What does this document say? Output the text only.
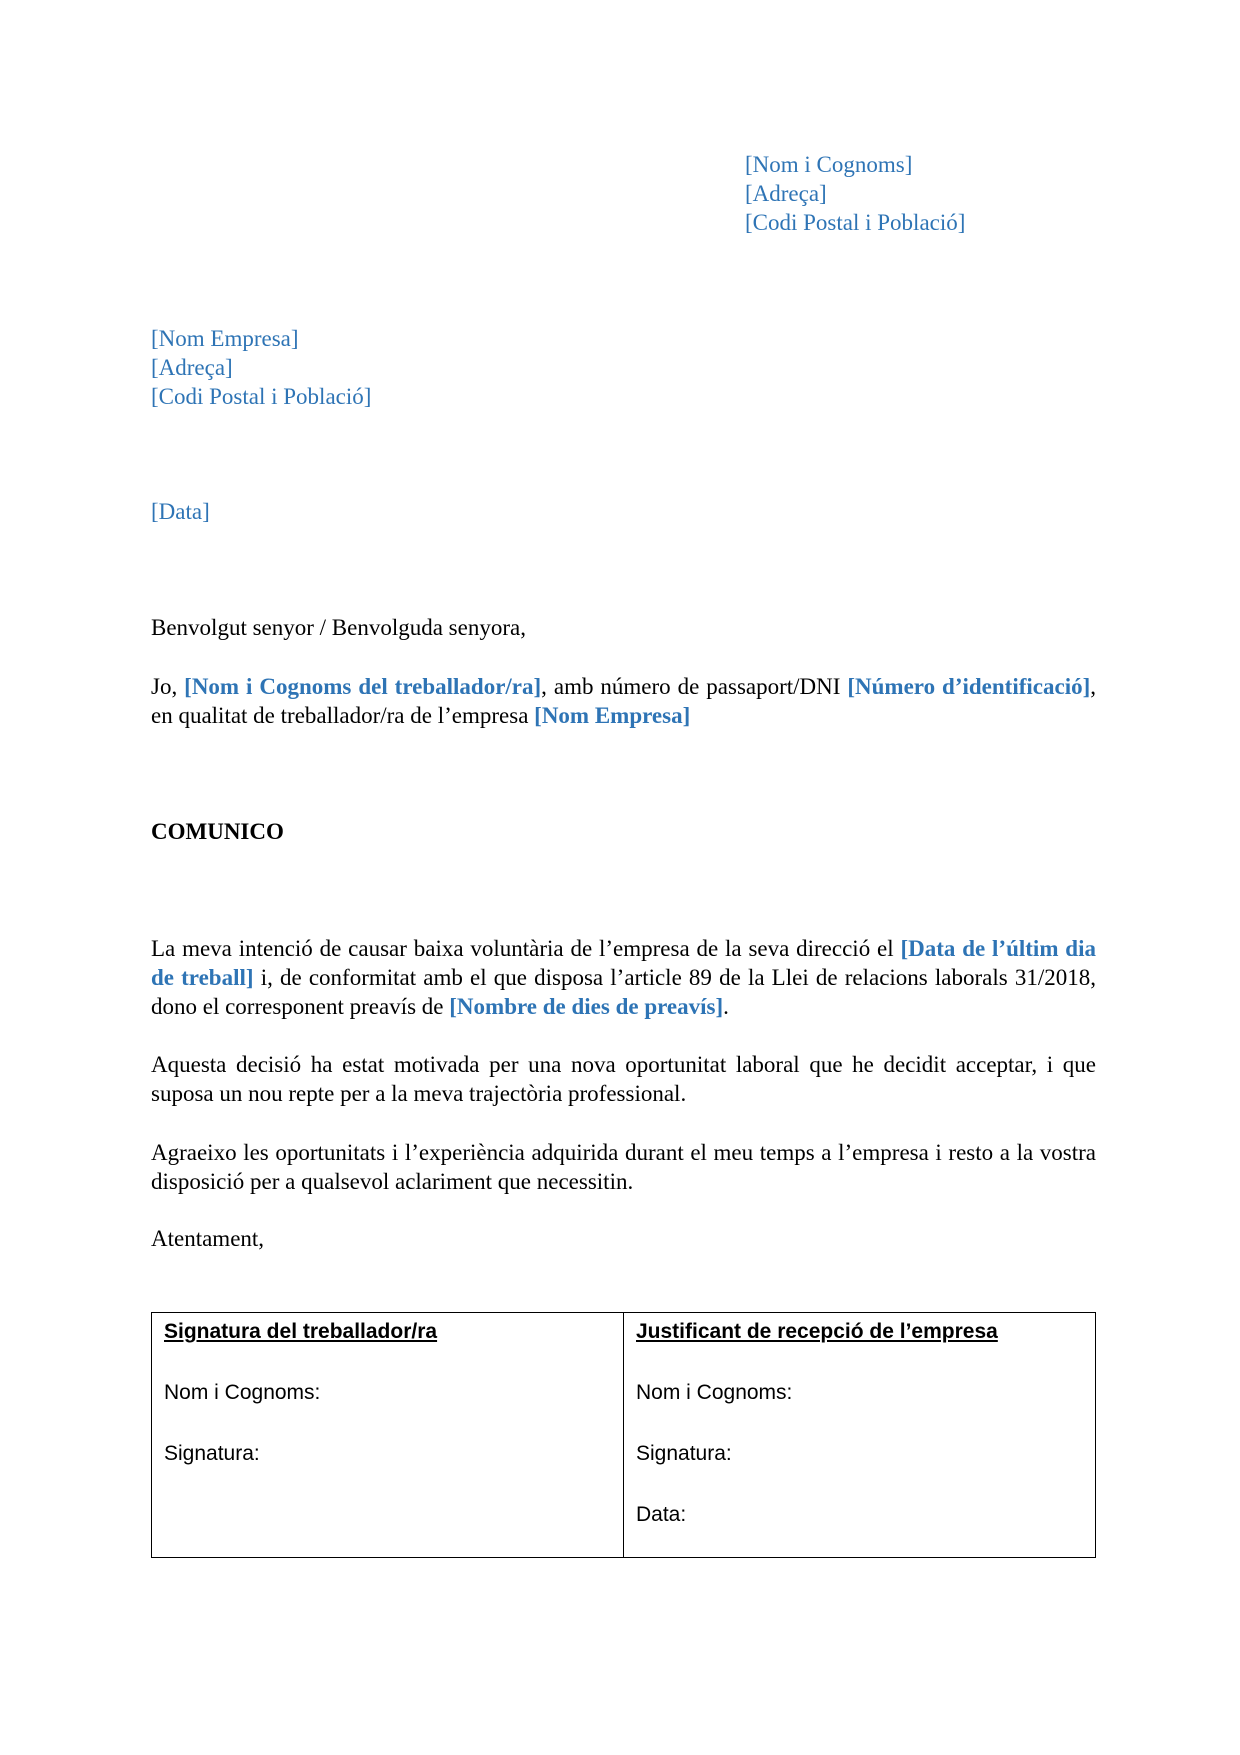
[Nom i Cognoms]
[Adreça]
[Codi Postal i Població]
[Nom Empresa]
[Adreça]
[Codi Postal i Població]
[Data]
Benvolgut senyor / Benvolguda senyora,
Jo, [Nom i Cognoms del treballador/ra], amb número de passaport/DNI [Número d’identificació], en qualitat de treballador/ra de l’empresa [Nom Empresa]
COMUNICO
La meva intenció de causar baixa voluntària de l’empresa de la seva direcció el [Data de l’últim dia de treball] i, de conformitat amb el que disposa l’article 89 de la Llei de relacions laborals 31/2018, dono el corresponent preavís de [Nombre de dies de preavís].
Aquesta decisió ha estat motivada per una nova oportunitat laboral que he decidit acceptar, i que suposa un nou repte per a la meva trajectòria professional.
Agraeixo les oportunitats i l’experiència adquirida durant el meu temps a l’empresa i resto a la vostra disposició per a qualsevol aclariment que necessitin.
Atentament,
Signatura del treballador/ra
Nom i Cognoms:
Signatura:

Justificant de recepció de l’empresa
Nom i Cognoms:
Signatura:
Data:
